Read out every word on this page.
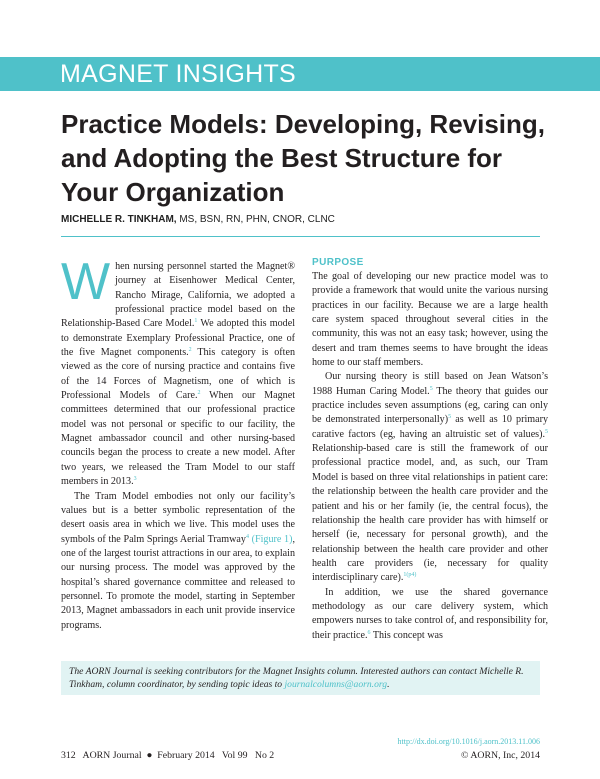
MAGNET INSIGHTS
Practice Models: Developing, Revising, and Adopting the Best Structure for Your Organization
MICHELLE R. TINKHAM, MS, BSN, RN, PHN, CNOR, CLNC

When nursing personnel started the Magnet® journey at Eisenhower Medical Center, Rancho Mirage, California, we adopted a professional practice model based on the Relationship-Based Care Model.$^1$ We adopted this model to demonstrate Exemplary Professional Practice, one of the five Magnet components.$^2$ This category is often viewed as the core of nursing practice and contains five of the 14 Forces of Magnetism, one of which is Professional Models of Care.$^2$ When our Magnet committees determined that our professional practice model was not personal or specific to our facility, the Magnet ambassador council and other nursing-based councils began the process to create a new model. After two years, we released the Tram Model to our staff members in 2013.$^3$

The Tram Model embodies not only our facility’s values but is a better symbolic representation of the desert oasis area in which we live. This model uses the symbols of the Palm Springs Aerial Tramway$^4$ (Figure 1), one of the largest tourist attractions in our area, to explain our nursing process. The model was approved by the hospital’s shared governance committee and released to personnel. To promote the model, starting in September 2013, Magnet ambassadors in each unit provide inservice programs.

PURPOSE

The goal of developing our new practice model was to provide a framework that would unite the various nursing practices in our facility. Because we are a large health care system spaced throughout several cities in the community, this was not an easy task; however, using the desert and tram themes seems to have brought the ideas home to our staff members.

Our nursing theory is still based on Jean Watson’s 1988 Human Caring Model.$^5$ The theory that guides our practice includes seven assumptions (eg, caring can only be demonstrated interpersonally)$^5$ as well as 10 primary carative factors (eg, having an altruistic set of values).$^5$ Relationship-based care is still the framework of our professional practice model, and, as such, our Tram Model is based on three vital relationships in patient care: the relationship between the health care provider and the patient and his or her family (ie, the central focus), the relationship the health care provider has with himself or herself (ie, necessary for personal growth), and the relationship between the health care provider and other health care providers (ie, necessary for quality interdisciplinary care).$^{1(p4)}$

In addition, we use the shared governance methodology as our care delivery system, which empowers nurses to take control of, and responsibility for, their practice.$^6$ This concept was

The AORN Journal is seeking contributors for the Magnet Insights column. Interested authors can contact Michelle R. Tinkham, column coordinator, by sending topic ideas to journalcolumns@aorn.org.
http://dx.doi.org/10.1016/j.aorn.2013.11.006
312   AORN Journal  ●  February 2014   Vol 99   No 2	© AORN, Inc, 2014
